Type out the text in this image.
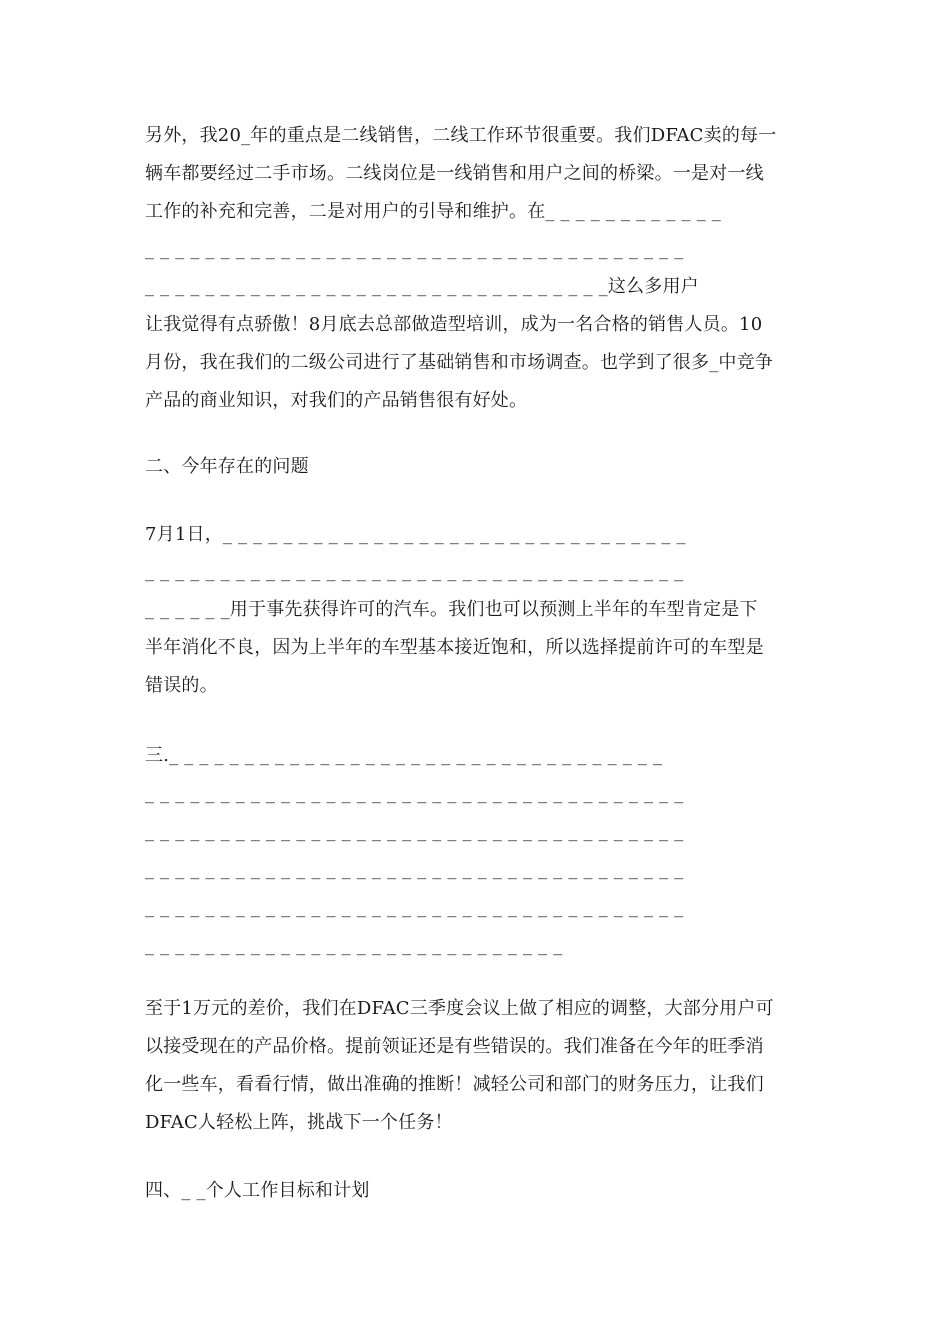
另外，我20_年的重点是二线销售，二线工作环节很重要。我们DFAC卖的每一
辆车都要经过二手市场。二线岗位是一线销售和用户之间的桥梁。一是对一线
工作的补充和完善，二是对用户的引导和维护。在_ _ _ _ _ _ _ _ _ _ _ _
_ _ _ _ _ _ _ _ _ _ _ _ _ _ _ _ _ _ _ _ _ _ _ _ _ _ _ _ _ _ _ _ _ _ _ _
_ _ _ _ _ _ _ _ _ _ _ _ _ _ _ _ _ _ _ _ _ _ _ _ _ _ _ _ _ _ _这么多用户
让我觉得有点骄傲！8月底去总部做造型培训，成为一名合格的销售人员。10
月份，我在我们的二级公司进行了基础销售和市场调查。也学到了很多_中竞争
产品的商业知识，对我们的产品销售很有好处。
二、今年存在的问题
7月1日，_ _ _ _ _ _ _ _ _ _ _ _ _ _ _ _ _ _ _ _ _ _ _ _ _ _ _ _ _ _ _
_ _ _ _ _ _ _ _ _ _ _ _ _ _ _ _ _ _ _ _ _ _ _ _ _ _ _ _ _ _ _ _ _ _ _ _
_ _ _ _ _ _用于事先获得许可的汽车。我们也可以预测上半年的车型肯定是下
半年消化不良，因为上半年的车型基本接近饱和，所以选择提前许可的车型是
错误的。
三._ _ _ _ _ _ _ _ _ _ _ _ _ _ _ _ _ _ _ _ _ _ _ _ _ _ _ _ _ _ _ _ _
_ _ _ _ _ _ _ _ _ _ _ _ _ _ _ _ _ _ _ _ _ _ _ _ _ _ _ _ _ _ _ _ _ _ _ _
_ _ _ _ _ _ _ _ _ _ _ _ _ _ _ _ _ _ _ _ _ _ _ _ _ _ _ _ _ _ _ _ _ _ _ _
_ _ _ _ _ _ _ _ _ _ _ _ _ _ _ _ _ _ _ _ _ _ _ _ _ _ _ _ _ _ _ _ _ _ _ _
_ _ _ _ _ _ _ _ _ _ _ _ _ _ _ _ _ _ _ _ _ _ _ _ _ _ _ _ _ _ _ _ _ _ _ _
_ _ _ _ _ _ _ _ _ _ _ _ _ _ _ _ _ _ _ _ _ _ _ _ _ _ _ _
至于1万元的差价，我们在DFAC三季度会议上做了相应的调整，大部分用户可
以接受现在的产品价格。提前领证还是有些错误的。我们准备在今年的旺季消
化一些车，看看行情，做出准确的推断！减轻公司和部门的财务压力，让我们
DFAC人轻松上阵，挑战下一个任务！
四、_ _个人工作目标和计划
